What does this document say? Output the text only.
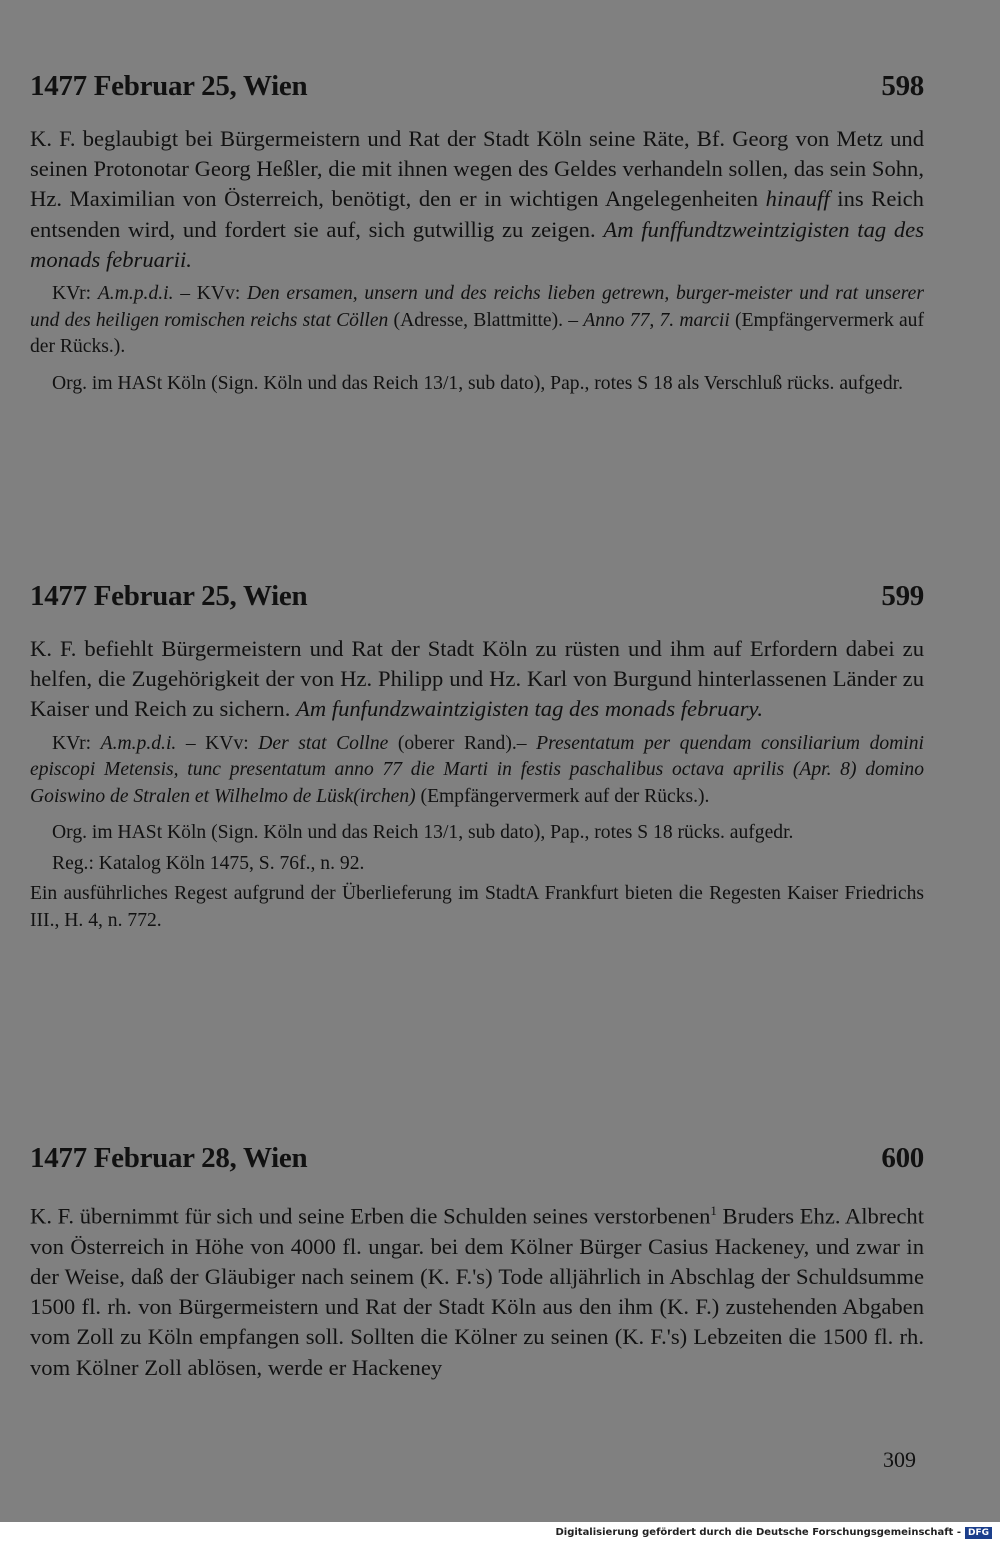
1477 Februar 25, Wien	598
K. F. beglaubigt bei Bürgermeistern und Rat der Stadt Köln seine Räte, Bf. Georg von Metz und seinen Protonotar Georg Heßler, die mit ihnen wegen des Geldes verhandeln sollen, das sein Sohn, Hz. Maximilian von Österreich, benötigt, den er in wichtigen Angelegenheiten hinauff ins Reich entsenden wird, und fordert sie auf, sich gutwillig zu zeigen. Am funffundtzweintzigisten tag des monads februarii.
KVr: A.m.p.d.i. – KVv: Den ersamen, unsern und des reichs lieben getrewn, burger-meister und rat unserer und des heiligen romischen reichs stat Cöllen (Adresse, Blattmitte). – Anno 77, 7. marcii (Empfängervermerk auf der Rücks.).
Org. im HASt Köln (Sign. Köln und das Reich 13/1, sub dato), Pap., rotes S 18 als Verschluß rücks. aufgedr.
1477 Februar 25, Wien	599
K. F. befiehlt Bürgermeistern und Rat der Stadt Köln zu rüsten und ihm auf Erfordern dabei zu helfen, die Zugehörigkeit der von Hz. Philipp und Hz. Karl von Burgund hinterlassenen Länder zu Kaiser und Reich zu sichern. Am funfundzwaintzigisten tag des monads february.
KVr: A.m.p.d.i. – KVv: Der stat Collne (oberer Rand).– Presentatum per quendam consiliarium domini episcopi Metensis, tunc presentatum anno 77 die Marti in festis paschalibus octava aprilis (Apr. 8) domino Goiswino de Stralen et Wilhelmo de Lüsk(irchen) (Empfängervermerk auf der Rücks.).
Org. im HASt Köln (Sign. Köln und das Reich 13/1, sub dato), Pap., rotes S 18 rücks. aufgedr.
Reg.: Katalog Köln 1475, S. 76f., n. 92.
Ein ausführliches Regest aufgrund der Überlieferung im StadtA Frankfurt bieten die Regesten Kaiser Friedrichs III., H. 4, n. 772.
1477 Februar 28, Wien	600
K. F. übernimmt für sich und seine Erben die Schulden seines verstorbenen$^1$ Bruders Ehz. Albrecht von Österreich in Höhe von 4000 fl. ungar. bei dem Kölner Bürger Casius Hackeney, und zwar in der Weise, daß der Gläubiger nach seinem (K. F.'s) Tode alljährlich in Abschlag der Schuldsumme 1500 fl. rh. von Bürgermeistern und Rat der Stadt Köln aus den ihm (K. F.) zustehenden Abgaben vom Zoll zu Köln empfangen soll. Sollten die Kölner zu seinen (K. F.'s) Lebzeiten die 1500 fl. rh. vom Kölner Zoll ablösen, werde er Hackeney
309
Digitalisierung gefördert durch die Deutsche Forschungsgemeinschaft - DFG
